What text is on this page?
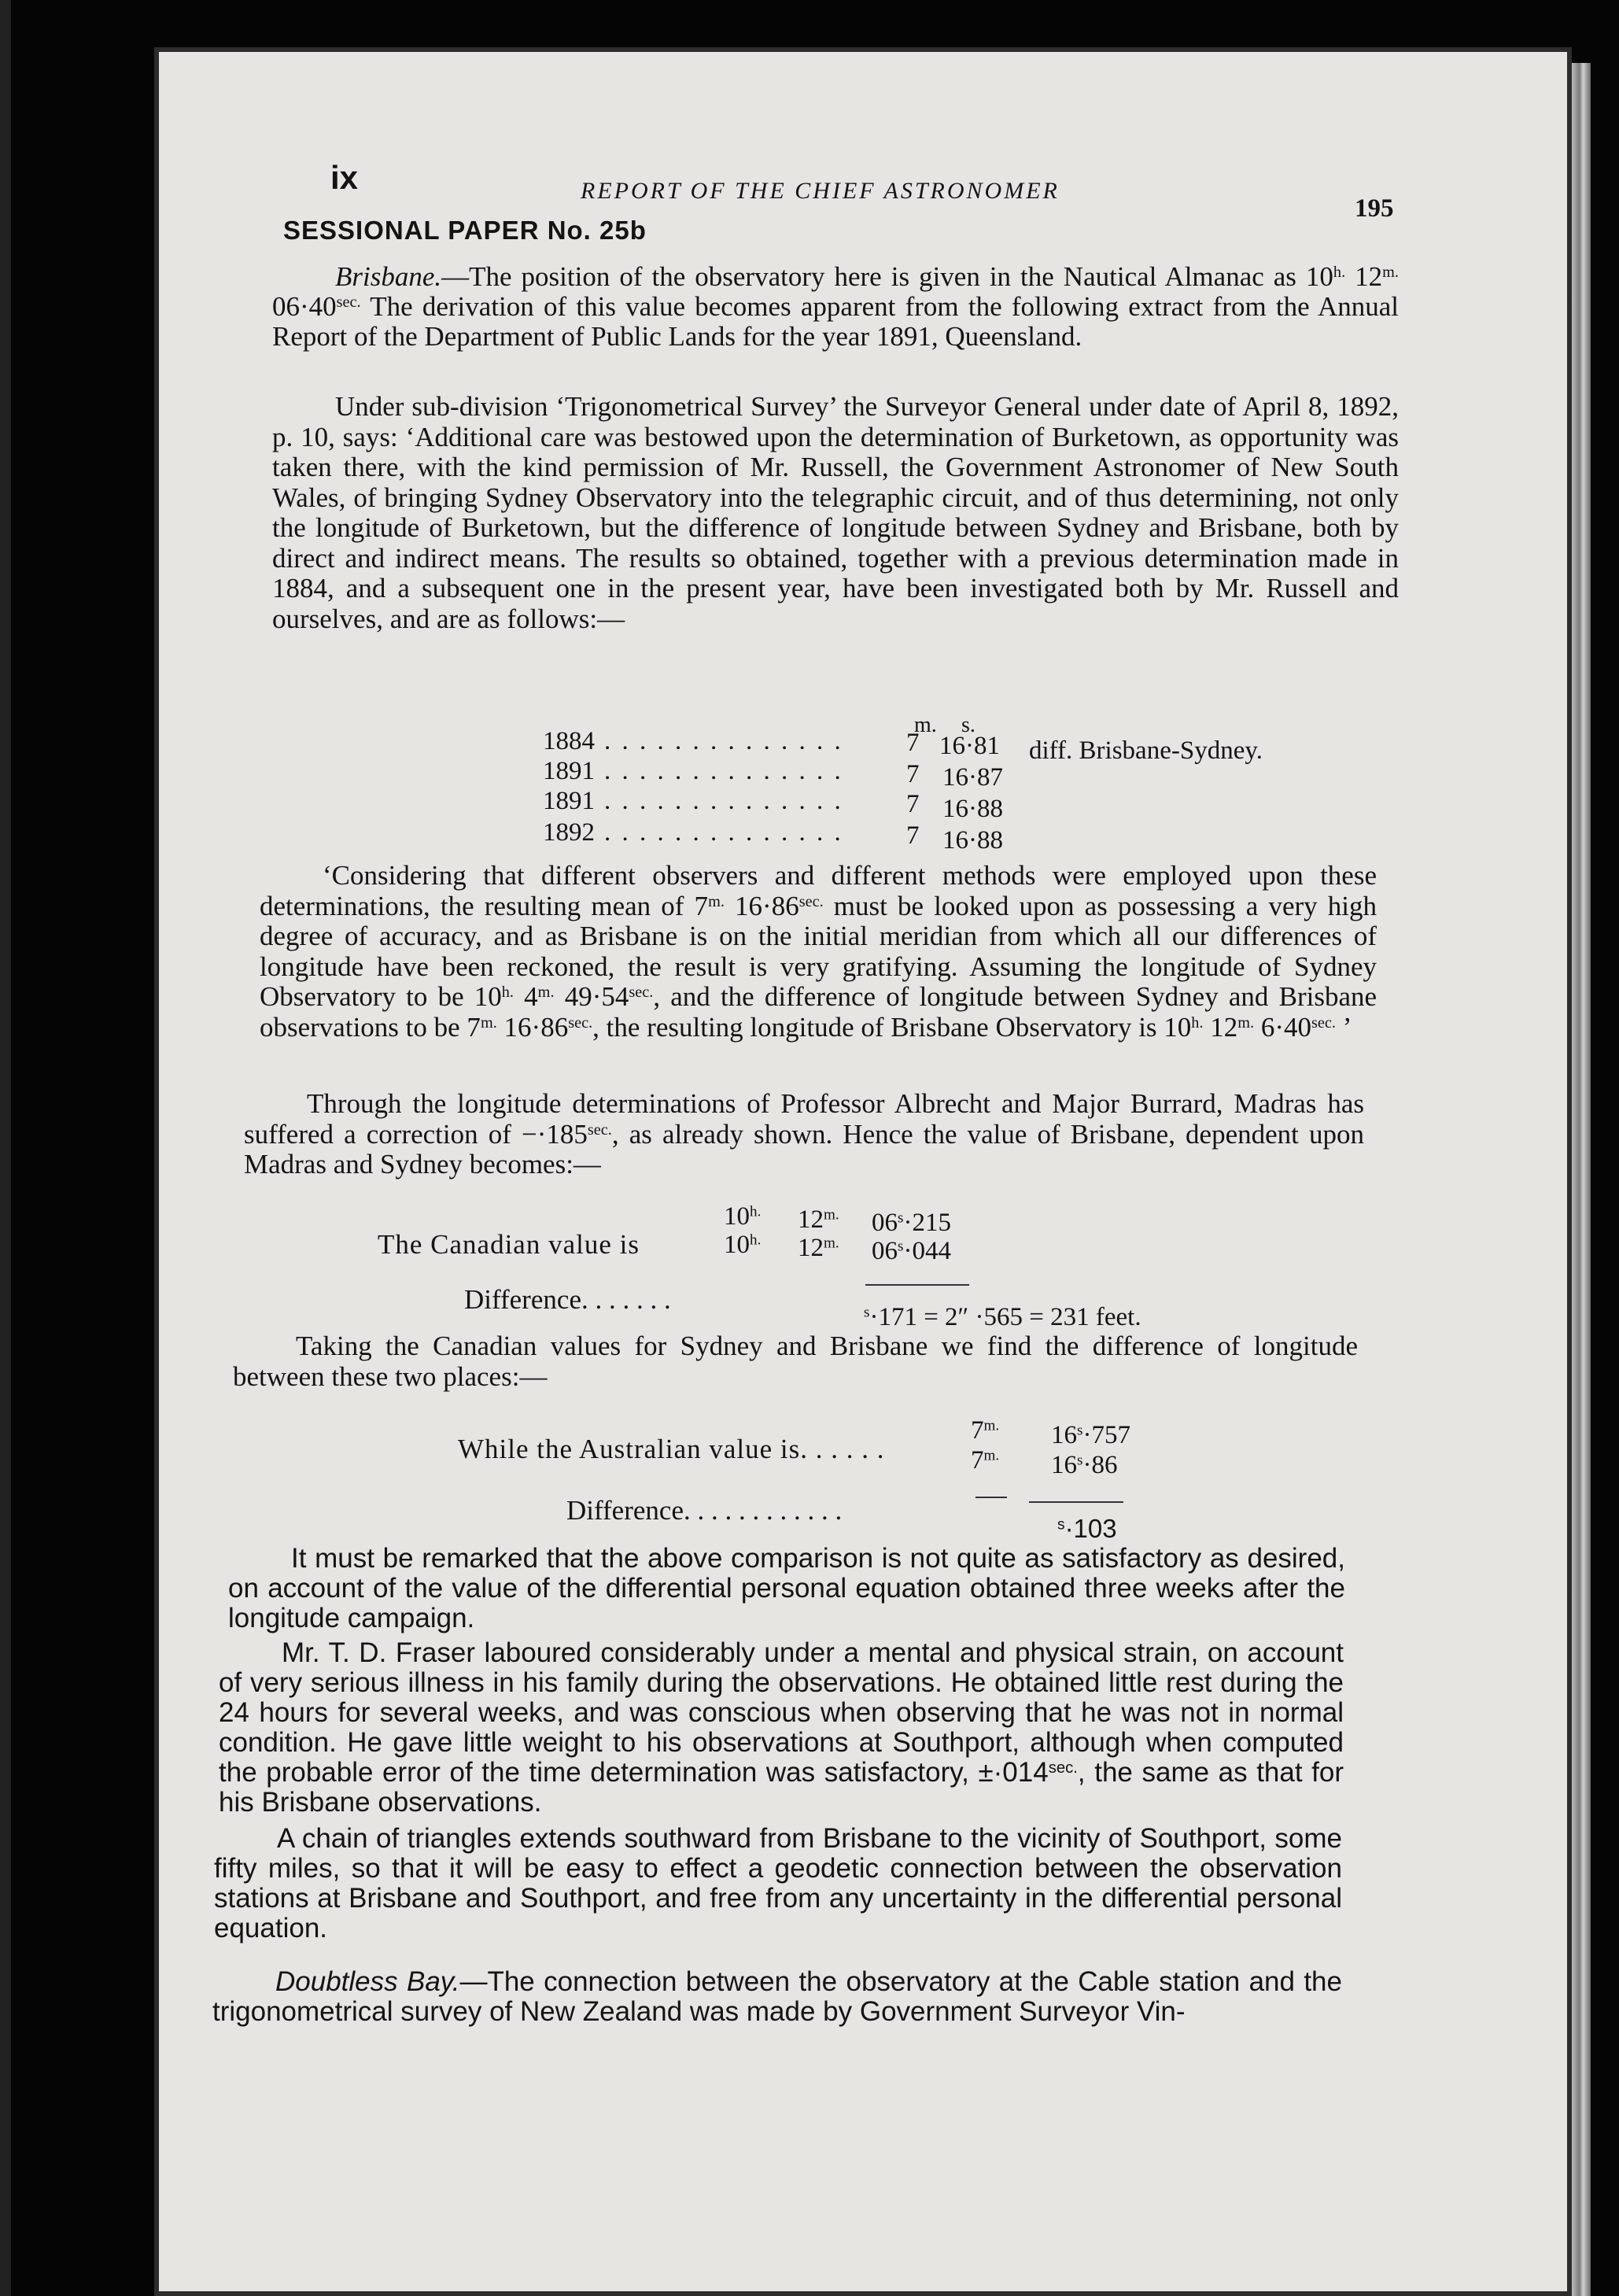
ix	REPORT OF THE CHIEF ASTRONOMER
195
SESSIONAL PAPER No. 25b

Brisbane.—The position of the observatory here is given in the Nautical Almanac as $10^{h.}$ $12^{m.}$ $06\cdot 40^{sec.}$ The derivation of this value becomes apparent from the following extract from the Annual Report of the Department of Public Lands for the year 1891, Queensland.

Under sub-division ‘Trigonometrical Survey’ the Surveyor General under date of April 8, 1892, p. 10, says: ‘Additional care was bestowed upon the determination of Burketown, as opportunity was taken there, with the kind permission of Mr. Russell, the Government Astronomer of New South Wales, of bringing Sydney Observatory into the telegraphic circuit, and of thus determining, not only the longitude of Burketown, but the difference of longitude between Sydney and Brisbane, both by direct and indirect means. The results so obtained, together with a previous determination made in 1884, and a subsequent one in the present year, have been investigated both by Mr. Russell and ourselves, and are as follows:—

m. s.
1884 . . . . . . . . . . . . . . 7 16·81 diff. Brisbane-Sydney.
1891 . . . . . . . . . . . . . . 7 16·87
1891 . . . . . . . . . . . . . . 7 16·88
1892 . . . . . . . . . . . . . . 7 16·88

‘Considering that different observers and different methods were employed upon these determinations, the resulting mean of $7^{m.}$ $16\cdot 86^{sec.}$ must be looked upon as possessing a very high degree of accuracy, and as Brisbane is on the initial meridian from which all our differences of longitude have been reckoned, the result is very gratifying. Assuming the longitude of Sydney Observatory to be $10^{h.}$ $4^{m.}$ $49\cdot 54^{sec.}$, and the difference of longitude between Sydney and Brisbane observations to be $7^{m.}$ $16\cdot 86^{sec.}$, the resulting longitude of Brisbane Observatory is $10^{h.}$ $12^{m.}$ $6\cdot 40^{sec.}$ ’

Through the longitude determinations of Professor Albrecht and Major Burrard, Madras has suffered a correction of $-\cdot 185^{sec.}$, as already shown. Hence the value of Brisbane, dependent upon Madras and Sydney becomes:—

$10^{h.}$ $12^{m.}$ $06^s\cdot 215$
The Canadian value is	$10^{h.}$ $12^{m.}$ $06^s\cdot 044$
Difference. . . . . . .	$^s$·171 = 2″ ·565 = 231 feet.

Taking the Canadian values for Sydney and Brisbane we find the difference of longitude between these two places:—

$7^{m.}$ $16^s\cdot 757$
While the Australian value is. . . . . .	$7^{m.}$ $16^s\cdot 86$
Difference. . . . . . . . . . . .	$^s$·103

It must be remarked that the above comparison is not quite as satisfactory as desired, on account of the value of the differential personal equation obtained three weeks after the longitude campaign.

Mr. T. D. Fraser laboured considerably under a mental and physical strain, on account of very serious illness in his family during the observations. He obtained little rest during the 24 hours for several weeks, and was conscious when observing that he was not in normal condition. He gave little weight to his observations at Southport, although when computed the probable error of the time determination was satisfactory, $\pm\cdot 014^{sec.}$, the same as that for his Brisbane observations.

A chain of triangles extends southward from Brisbane to the vicinity of Southport, some fifty miles, so that it will be easy to effect a geodetic connection between the observation stations at Brisbane and Southport, and free from any uncertainty in the differential personal equation.

Doubtless Bay.—The connection between the observatory at the Cable station and the trigonometrical survey of New Zealand was made by Government Surveyor Vin-
